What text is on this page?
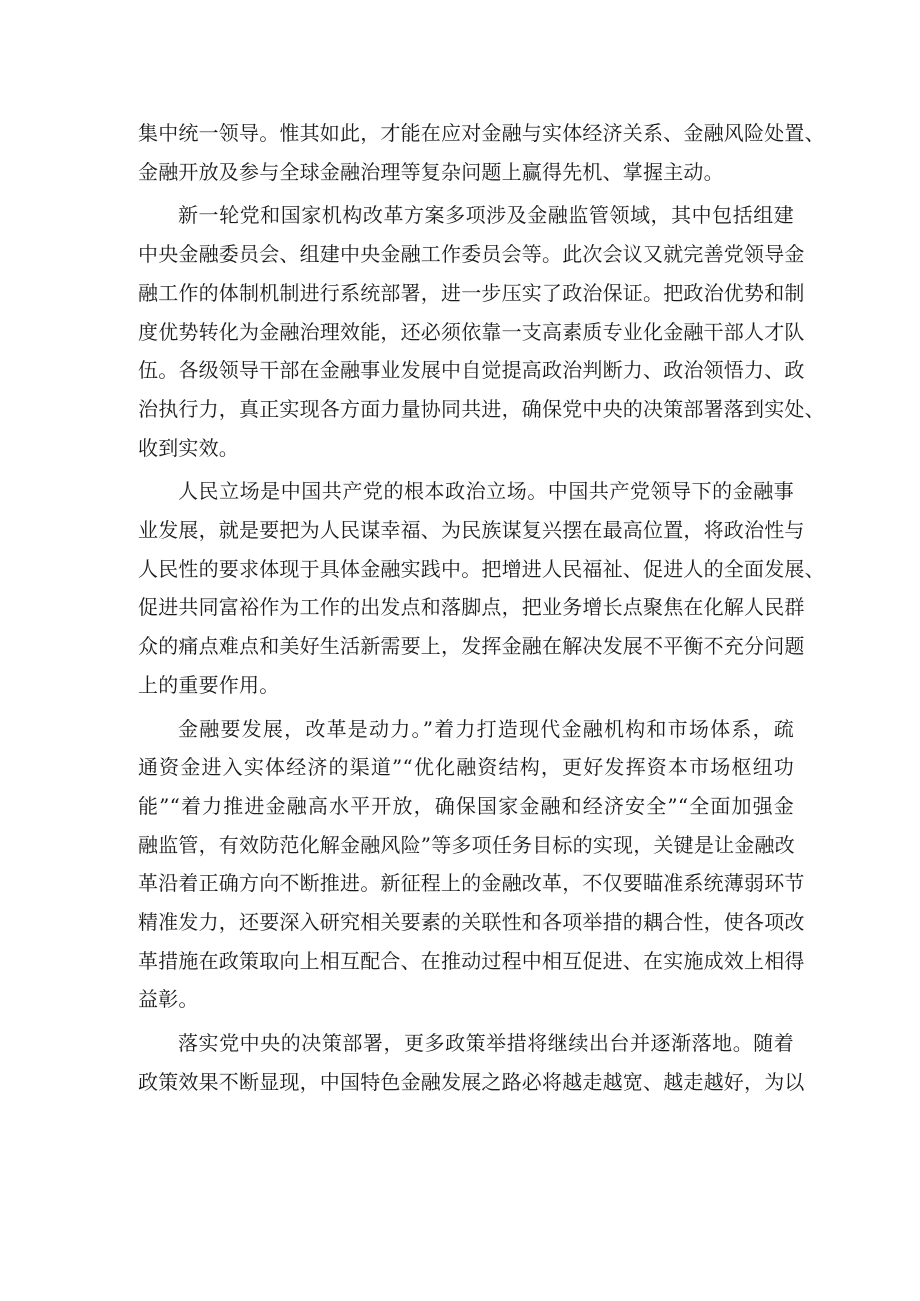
集中统一领导。惟其如此，才能在应对金融与实体经济关系、金融风险处置、
金融开放及参与全球金融治理等复杂问题上赢得先机、掌握主动。

新一轮党和国家机构改革方案多项涉及金融监管领域，其中包括组建
中央金融委员会、组建中央金融工作委员会等。此次会议又就完善党领导金
融工作的体制机制进行系统部署，进一步压实了政治保证。把政治优势和制
度优势转化为金融治理效能，还必须依靠一支高素质专业化金融干部人才队
伍。各级领导干部在金融事业发展中自觉提高政治判断力、政治领悟力、政
治执行力，真正实现各方面力量协同共进，确保党中央的决策部署落到实处、
收到实效。

人民立场是中国共产党的根本政治立场。中国共产党领导下的金融事
业发展，就是要把为人民谋幸福、为民族谋复兴摆在最高位置，将政治性与
人民性的要求体现于具体金融实践中。把增进人民福祉、促进人的全面发展、
促进共同富裕作为工作的出发点和落脚点，把业务增长点聚焦在化解人民群
众的痛点难点和美好生活新需要上，发挥金融在解决发展不平衡不充分问题
上的重要作用。

金融要发展，改革是动力。”着力打造现代金融机构和市场体系，疏
通资金进入实体经济的渠道”“优化融资结构，更好发挥资本市场枢纽功
能”“着力推进金融高水平开放，确保国家金融和经济安全”“全面加强金
融监管，有效防范化解金融风险”等多项任务目标的实现，关键是让金融改
革沿着正确方向不断推进。新征程上的金融改革，不仅要瞄准系统薄弱环节
精准发力，还要深入研究相关要素的关联性和各项举措的耦合性，使各项改
革措施在政策取向上相互配合、在推动过程中相互促进、在实施成效上相得
益彰。

落实党中央的决策部署，更多政策举措将继续出台并逐渐落地。随着
政策效果不断显现，中国特色金融发展之路必将越走越宽、越走越好，为以
